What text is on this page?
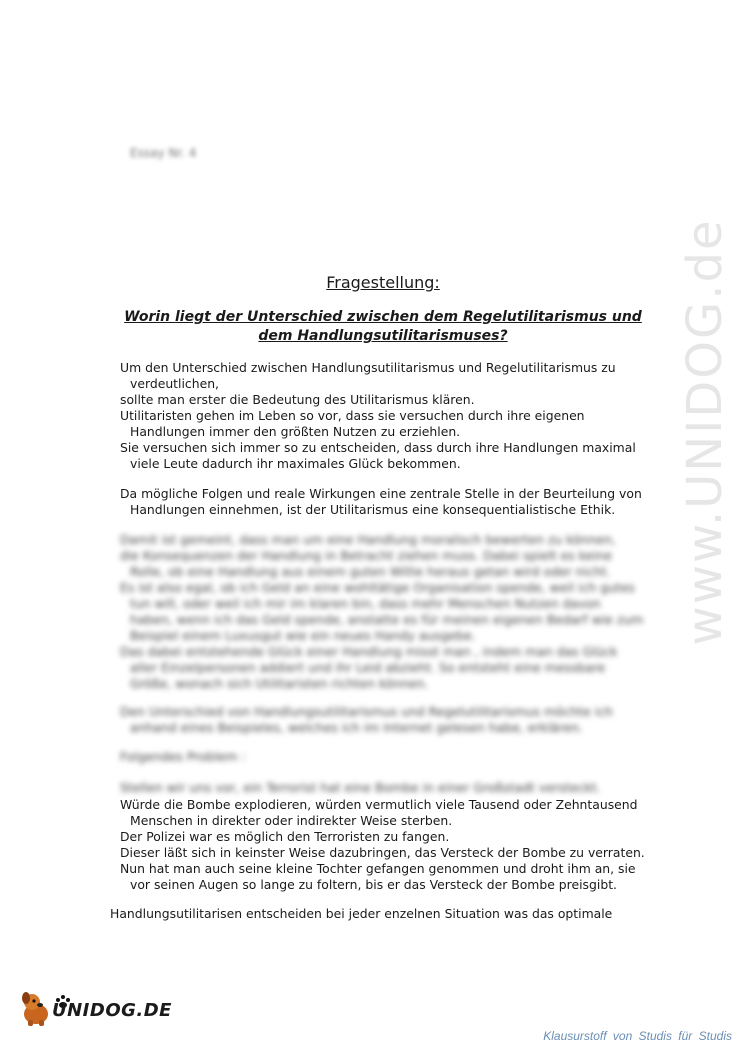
www.UNIDOG.de
Essay Nr. 4
Fragestellung:
Worin liegt der Unterschied zwischen dem Regelutilitarismus und dem Handlungsutilitarismuses?

Um den Unterschied zwischen Handlungsutilitarismus und Regelutilitarismus zu verdeutlichen,

sollte man erster die Bedeutung des Utilitarismus klären.

Utilitaristen gehen im Leben so vor, dass sie versuchen durch ihre eigenen Handlungen immer den größten Nutzen zu erziehlen.

Sie versuchen sich immer so zu entscheiden, dass durch ihre Handlungen maximal viele Leute dadurch ihr maximales Glück bekommen.

Da mögliche Folgen und reale Wirkungen eine zentrale Stelle in der Beurteilung von Handlungen einnehmen, ist der Utilitarismus eine konsequentialistische Ethik.

Damit ist gemeint, dass man um eine Handlung moralisch bewerten zu können,

die Konsequenzen der Handlung in Betracht ziehen muss. Dabei spielt es keine Rolle, ob eine Handlung aus einem guten Willie heraus getan wird oder nicht.

Es ist also egal, ob ich Geld an eine wohltätige Organisation spende, weil ich gutes tun will, oder weil ich mir im klaren bin, dass mehr Menschen Nutzen davon haben, wenn ich das Geld spende, anstatte es für meinen eigenen Bedarf wie zum Beispiel einem Luxusgut wie ein neues Handy ausgebe.

Das dabei entstehende Glück einer Handlung misst man , indem man das Glück aller Einzelpersonen addiert und ihr Leid abzieht. So entsteht eine messbare Größe, wonach sich Utilitaristen richten können.

Den Unterschied von Handlungsutilitarismus und Regelutilitarismus möchte ich anhand eines Beispieles, welches ich im Internet gelesen habe, erklären.

Folgendes Problem :

Stellen wir uns vor, ein Terrorist hat eine Bombe in einer Großstadt versteckt.

Würde die Bombe explodieren, würden vermutlich viele Tausend oder Zehntausend Menschen in direkter oder indirekter Weise sterben.

Der Polizei war es möglich den Terroristen zu fangen.

Dieser läßt sich in keinster Weise dazubringen, das Versteck der Bombe zu verraten.

Nun hat man auch seine kleine Tochter gefangen genommen und droht ihm an, sie vor seinen Augen so lange zu foltern, bis er das Versteck der Bombe preisgibt.

Handlungsutilitarisen entscheiden bei jeder enzelnen Situation was das optimale
UNIDOG.DE
Klausurstoff von Studis für Studis
